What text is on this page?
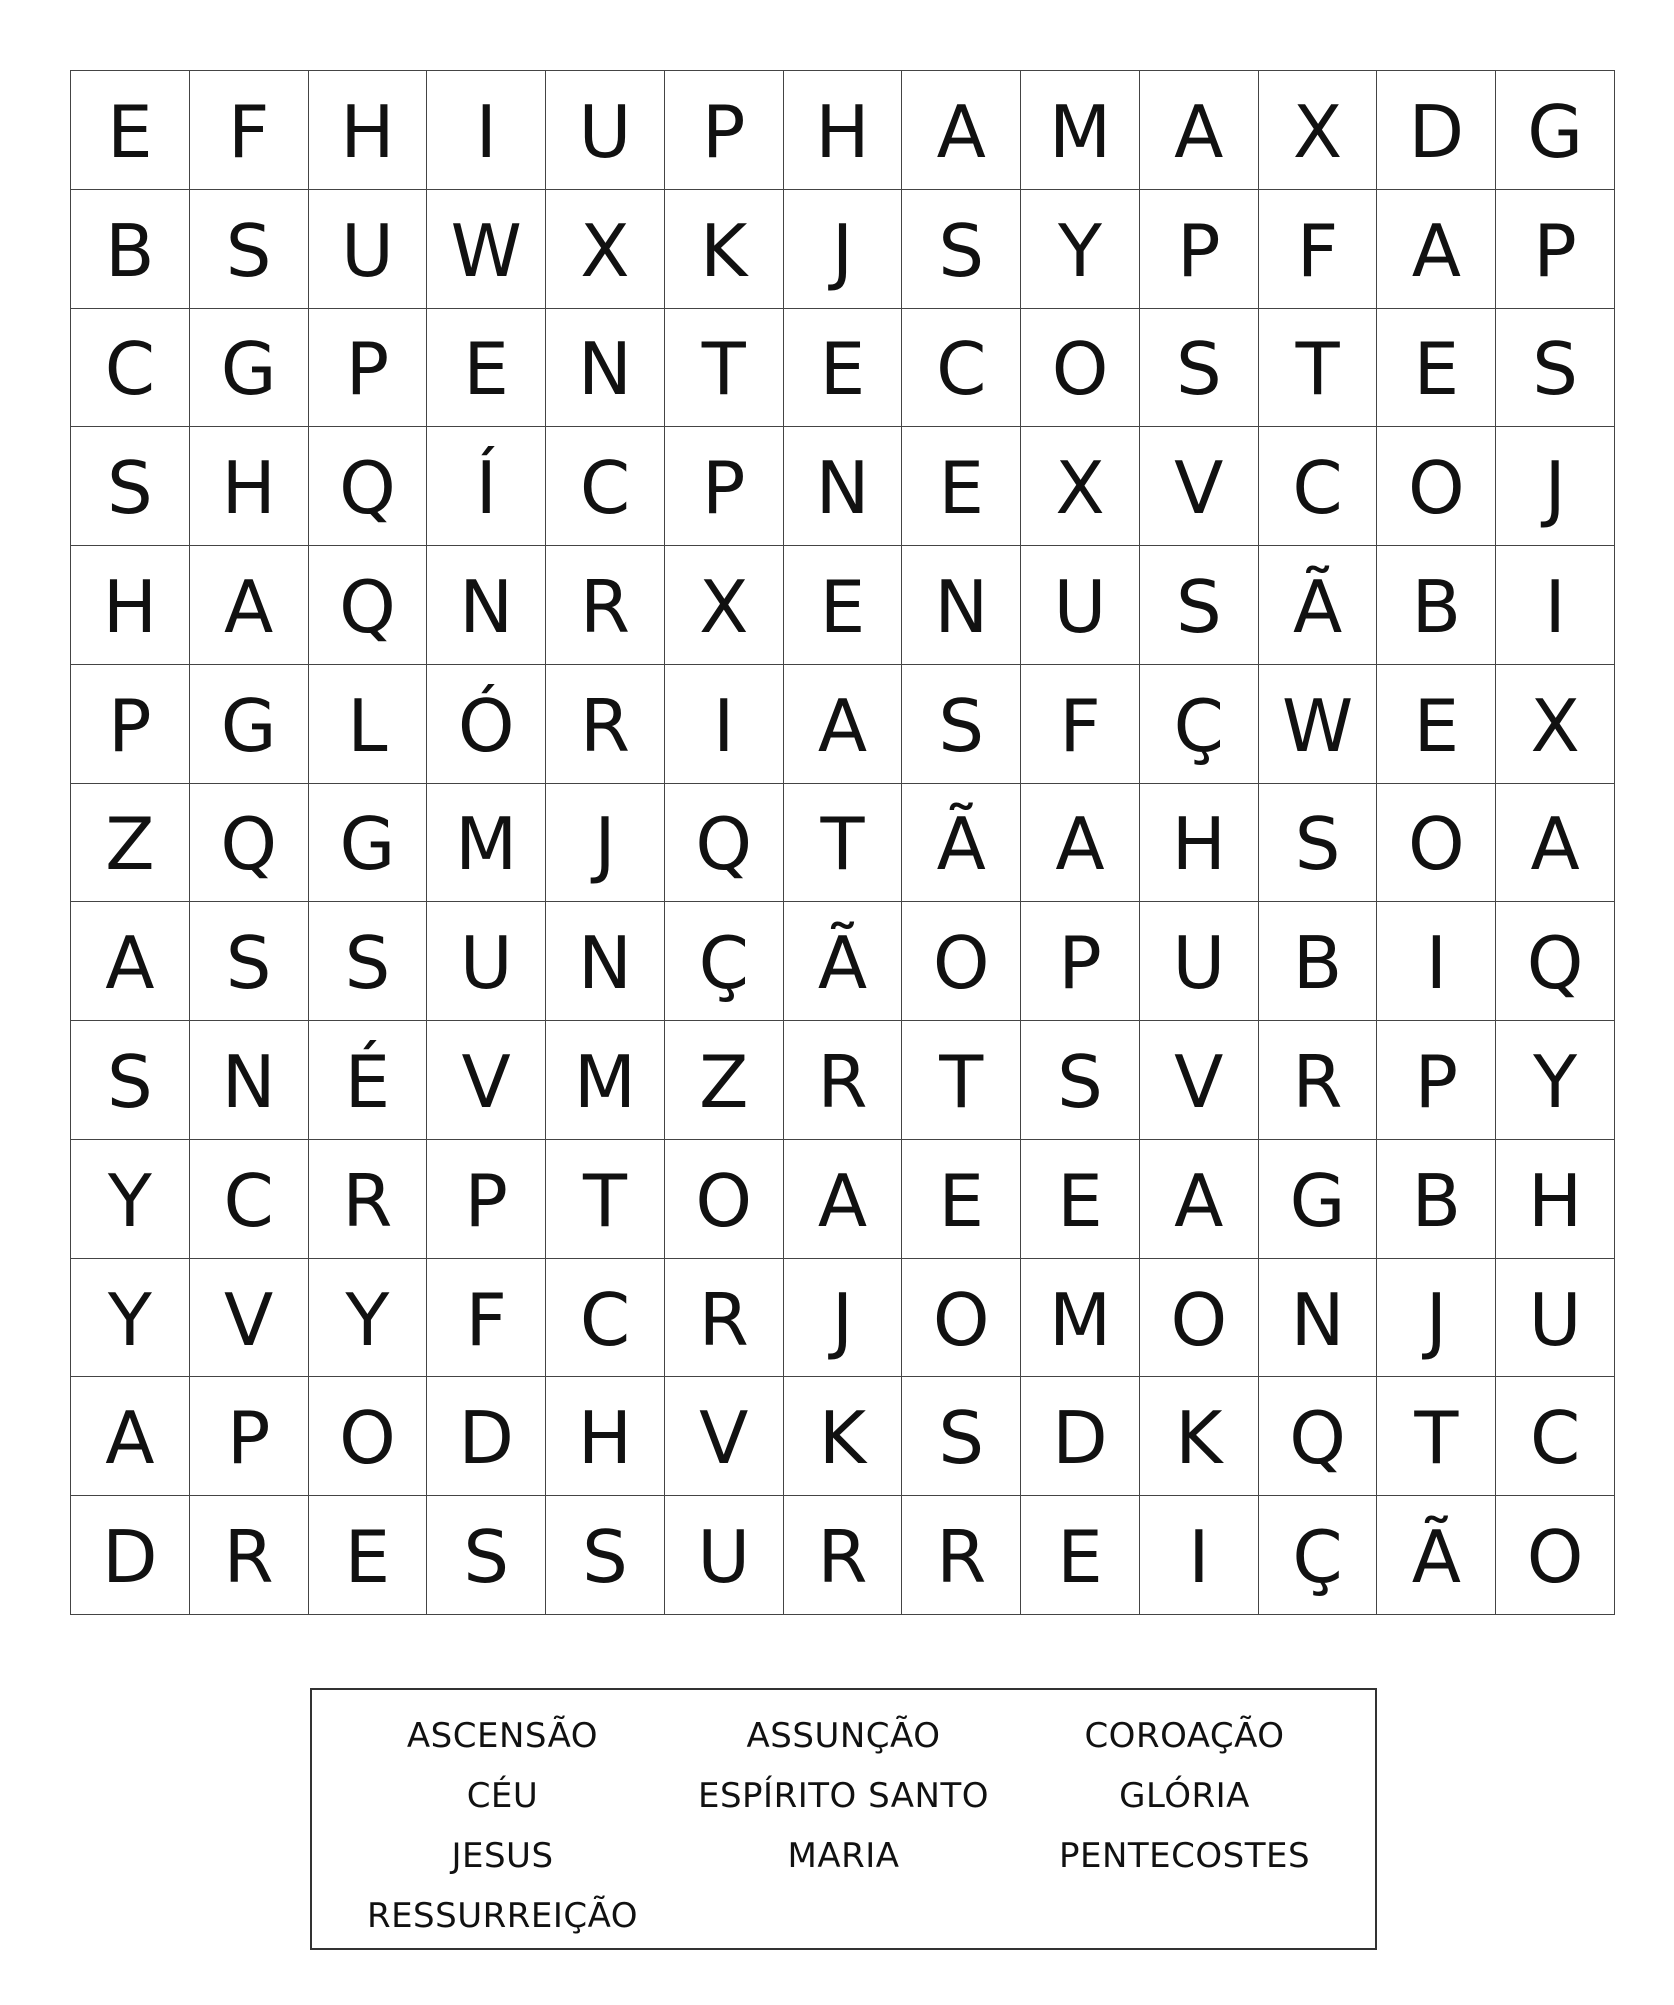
E	F H	I	U P H A M A X D G
B S U W X K	J	S	Y	P	F	A	P
C G P	E N T	E C O S	T	E	S
S H Q	Í	C P N E X V C O	J
H A Q N R X E N U S Ã B	I
P G L Ó R	I	A S	F	Ç W E X
Z Q G M	J	Q T	Ã A H S O A
A S	S U N Ç Ã O P U B	I	Q
S N É V M Z R T	S V R	P	Y
Y C R	P	T O A E	E A G B H
Y	V	Y	F	C R	J	O M O N	J	U
A	P O D H V K	S D K Q T C
D R E	S	S U R R E	I	Ç Ã O
ASCENSÃO	ASSUNÇÃO	COROAÇÃO
CÉU	ESPÍRITO SANTO	GLÓRIA
JESUS	MARIA	PENTECOSTES
RESSURREIÇÃO
